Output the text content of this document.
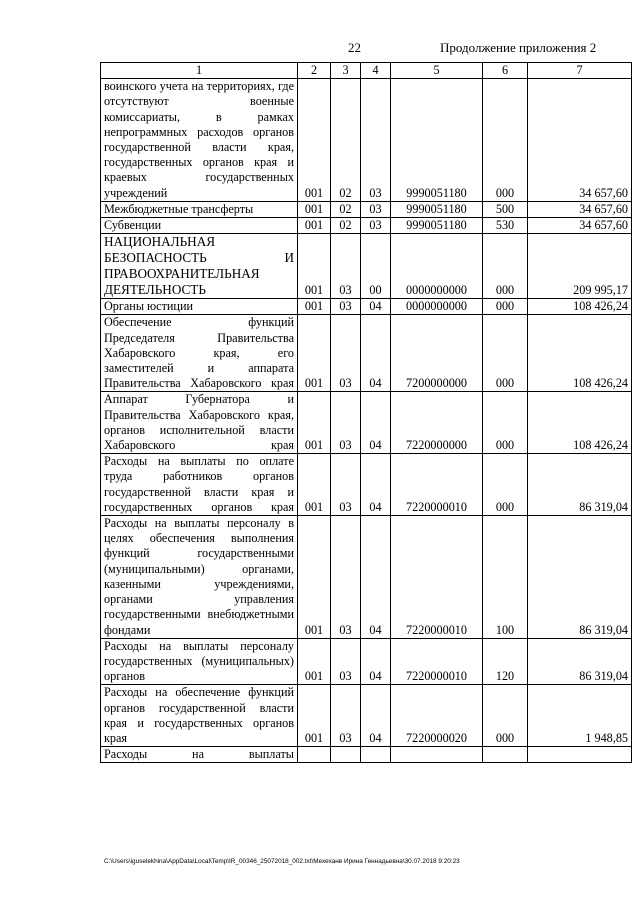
22	Продолжение приложения 2
1	2	3	4	5	6	7
воинского учета на территориях, где отсутствуют военные комиссариаты, в рамках непрограммных расходов органов государственной власти края, государственных органов края и краевых государственных учреждений	001	02	03	9990051180	000	34 657,60
Межбюджетные трансферты	001	02	03	9990051180	500	34 657,60
Субвенции	001	02	03	9990051180	530	34 657,60
НАЦИОНАЛЬНАЯ БЕЗОПАСНОСТЬ И ПРАВООХРАНИТЕЛЬНАЯ ДЕЯТЕЛЬНОСТЬ	001	03	00	0000000000	000	209 995,17
Органы юстиции	001	03	04	0000000000	000	108 426,24
Обеспечение функций Председателя Правительства Хабаровского края, его заместителей и аппарата Правительства Хабаровского края	001	03	04	7200000000	000	108 426,24
Аппарат Губернатора и Правительства Хабаровского края, органов исполнительной власти Хабаровского края	001	03	04	7220000000	000	108 426,24
Расходы на выплаты по оплате труда работников органов государственной власти края и государственных органов края	001	03	04	7220000010	000	86 319,04
Расходы на выплаты персоналу в целях обеспечения выполнения функций государственными (муниципальными) органами, казенными учреждениями, органами управления государственными внебюджетными фондами	001	03	04	7220000010	100	86 319,04
Расходы на выплаты персоналу государственных (муниципальных) органов	001	03	04	7220000010	120	86 319,04
Расходы на обеспечение функций органов государственной власти края и государственных органов края	001	03	04	7220000020	000	1 948,85
Расходы на выплаты						
C:\Users\iguselekhina\AppData\Local\Temp\IR_00346_25072018_002.txt\Мехеханв Ирина Геннадьевна\30.07.2018 9:20:23
